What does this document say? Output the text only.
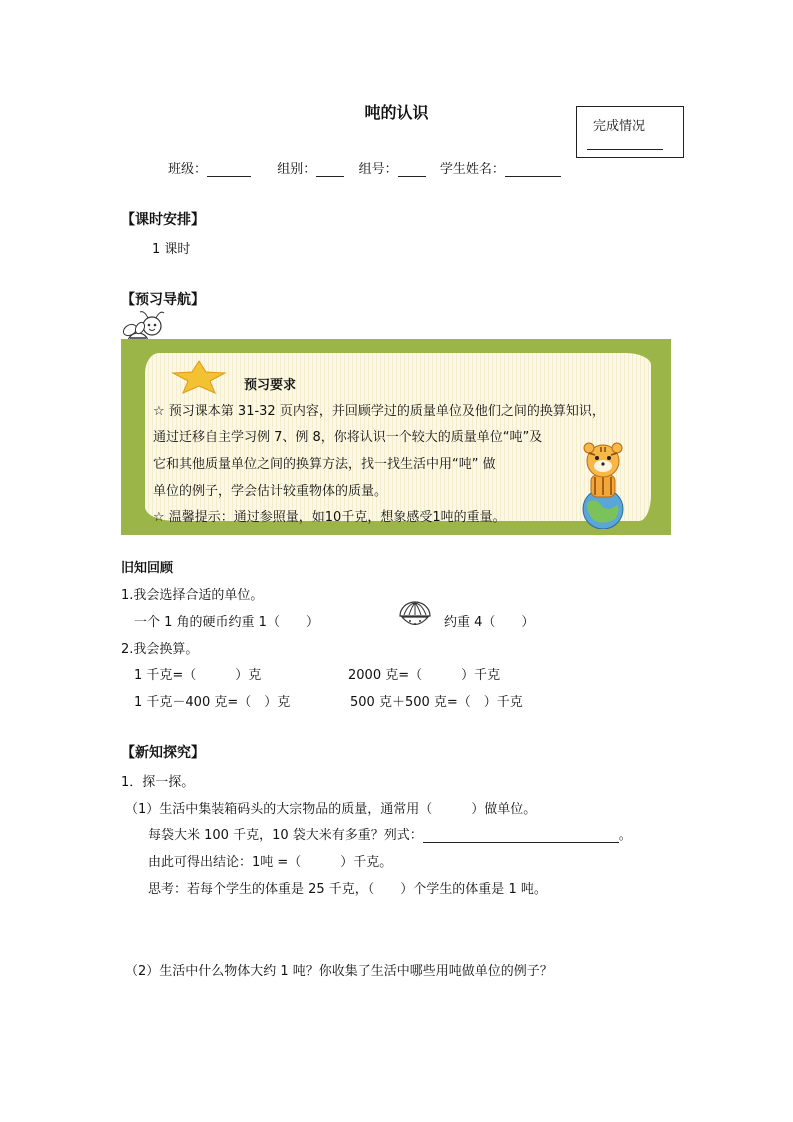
吨的认识
完成情况
班级：	组别：	组号：	学生姓名：
【课时安排】
1 课时
【预习导航】
预习要求
☆ 预习课本第 31-32 页内容，并回顾学过的质量单位及他们之间的换算知识，
通过迁移自主学习例 7、例 8，你将认识一个较大的质量单位“吨”及
它和其他质量单位之间的换算方法，找一找生活中用“吨” 做
单位的例子，学会估计较重物体的质量。
☆ 温馨提示：通过参照量，如10千克，想象感受1吨的重量。
旧知回顾
1.我会选择合适的单位。
一个 1 角的硬币约重 1（　　）	约重 4（　　）
2.我会换算。
1 千克=（　　　）克	2000 克=（　　　）千克
1 千克－400 克=（　）克	500 克＋500 克=（　）千克
【新知探究】
1．探一探。
（1）生活中集装箱码头的大宗物品的质量，通常用（　　　）做单位。
每袋大米 100 千克，10 袋大米有多重？列式：	。
由此可得出结论：1吨 =（　　　）千克。
思考：若每个学生的体重是 25 千克，（　　）个学生的体重是 1 吨。
（2）生活中什么物体大约 1 吨？你收集了生活中哪些用吨做单位的例子？
